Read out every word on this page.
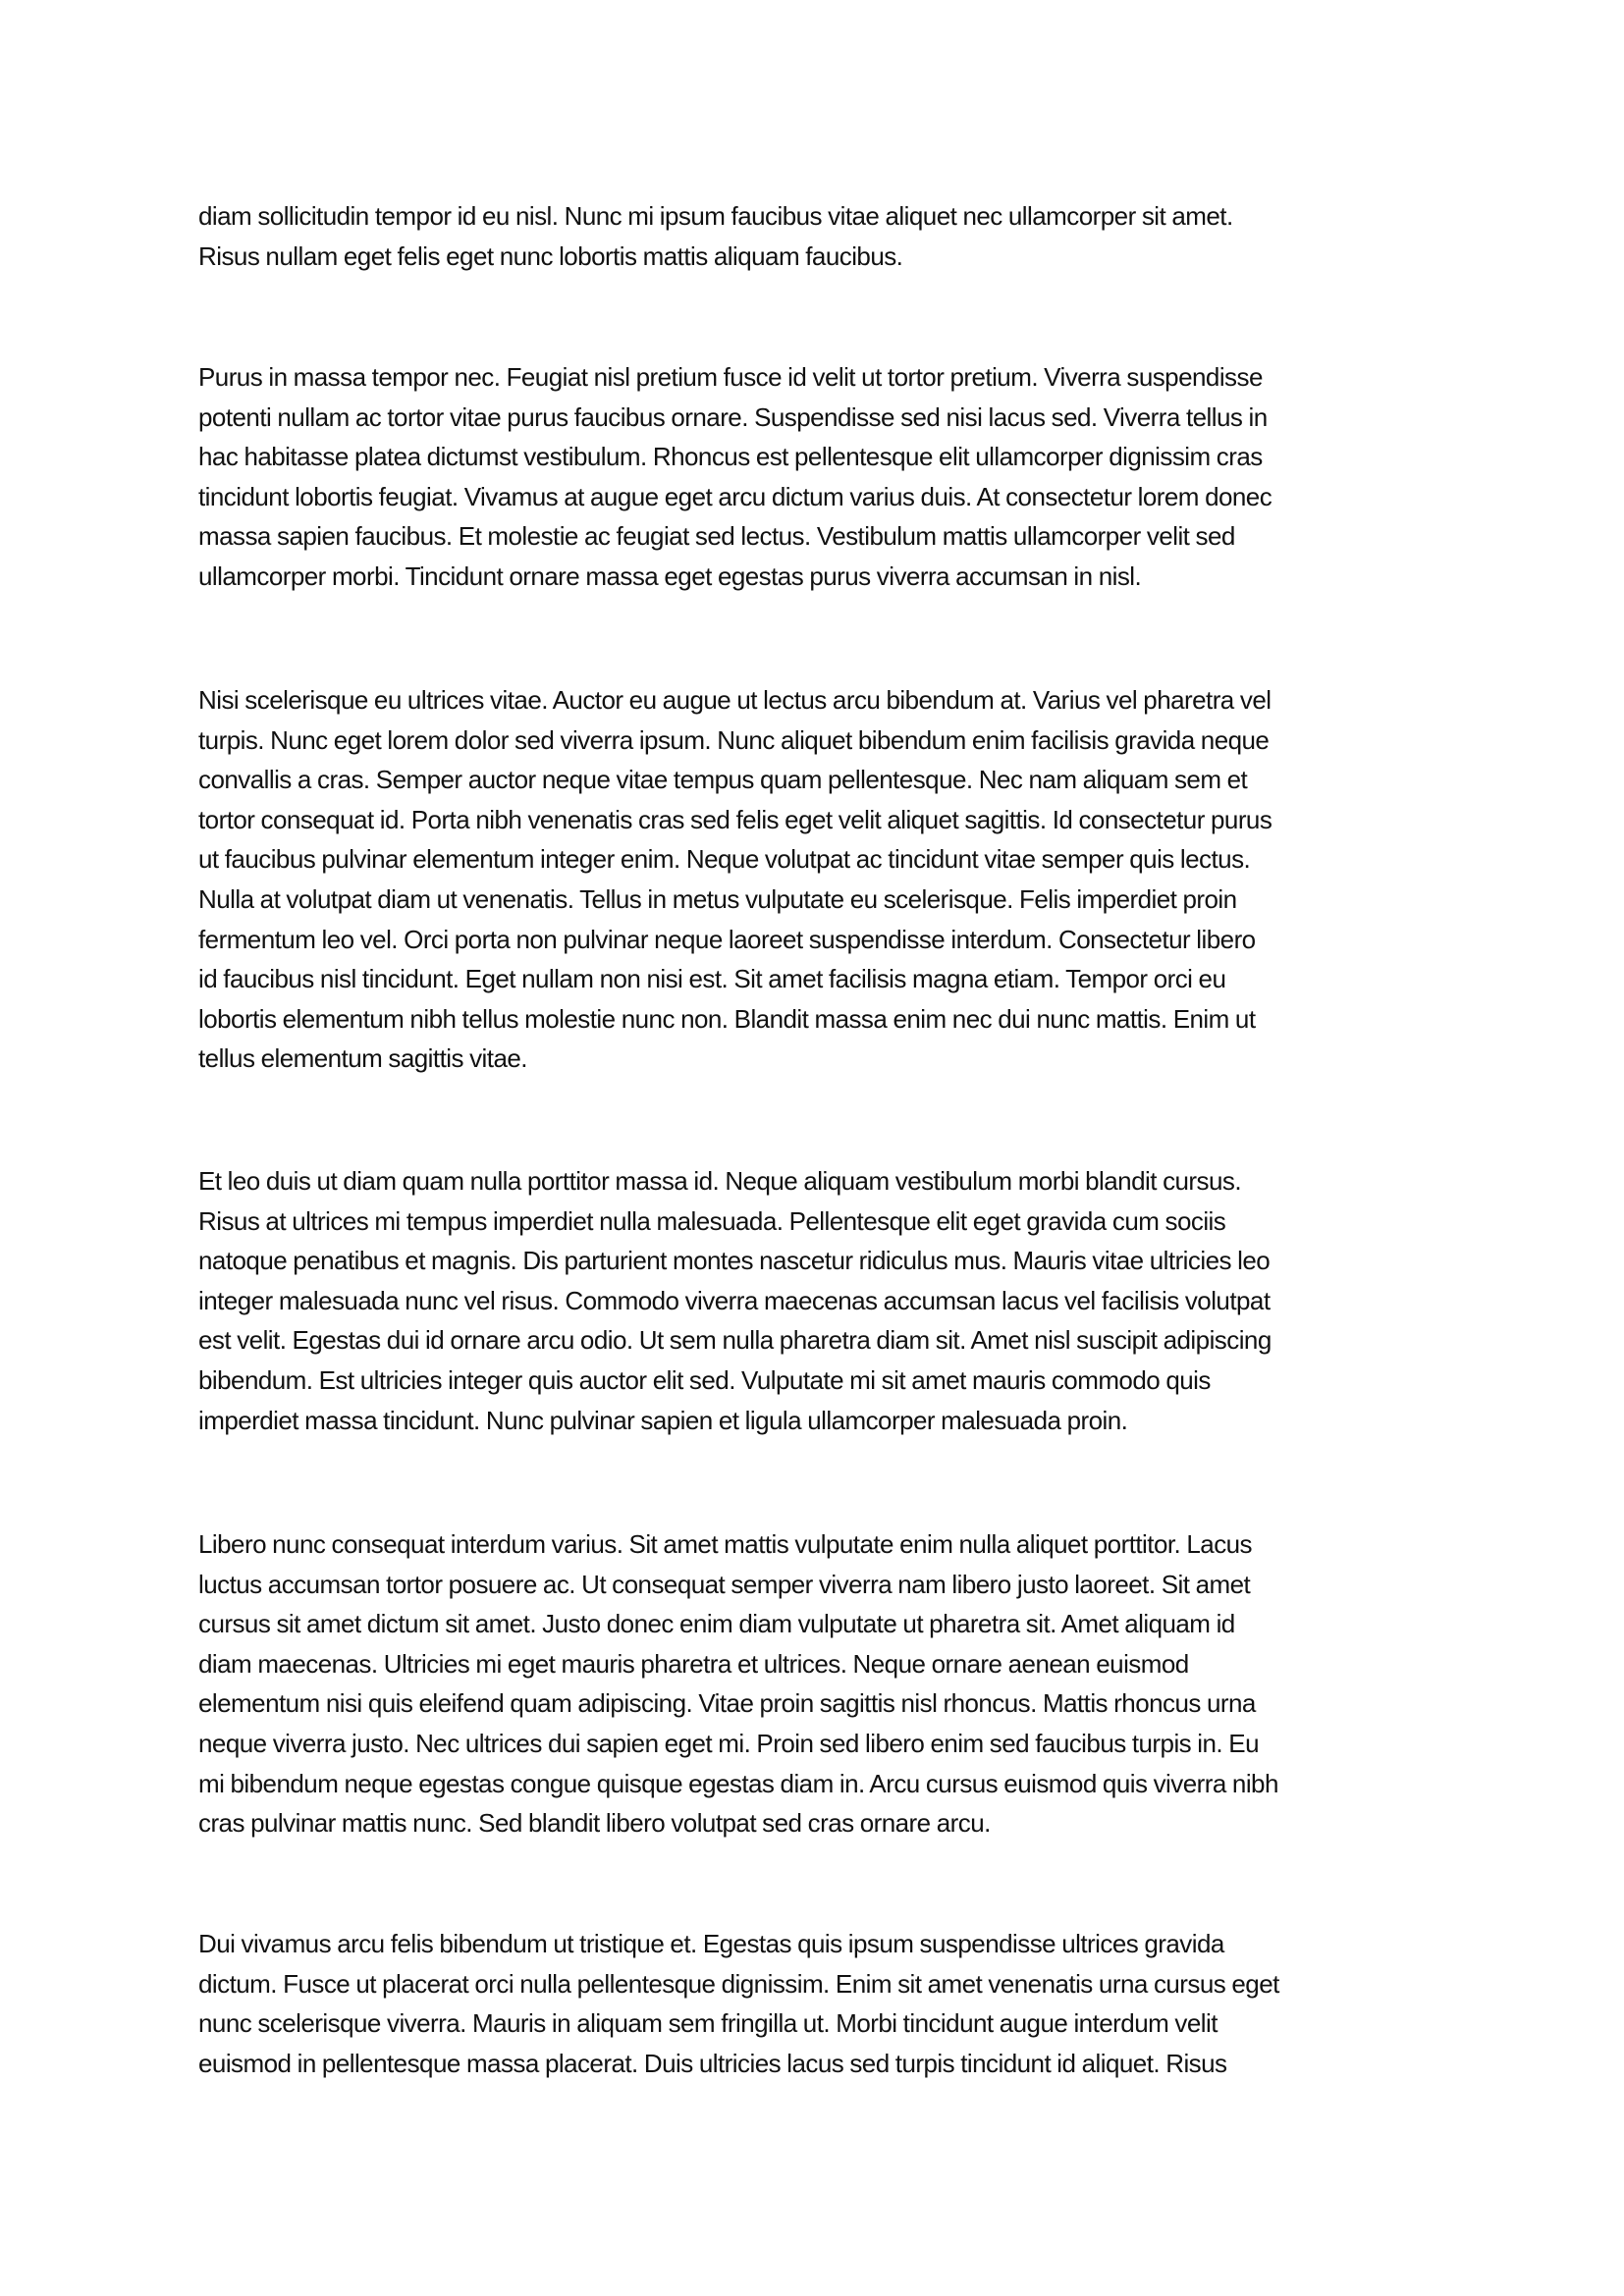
diam sollicitudin tempor id eu nisl. Nunc mi ipsum faucibus vitae aliquet nec ullamcorper sit amet.
Risus nullam eget felis eget nunc lobortis mattis aliquam faucibus.
Purus in massa tempor nec. Feugiat nisl pretium fusce id velit ut tortor pretium. Viverra suspendisse
potenti nullam ac tortor vitae purus faucibus ornare. Suspendisse sed nisi lacus sed. Viverra tellus in
hac habitasse platea dictumst vestibulum. Rhoncus est pellentesque elit ullamcorper dignissim cras
tincidunt lobortis feugiat. Vivamus at augue eget arcu dictum varius duis. At consectetur lorem donec
massa sapien faucibus. Et molestie ac feugiat sed lectus. Vestibulum mattis ullamcorper velit sed
ullamcorper morbi. Tincidunt ornare massa eget egestas purus viverra accumsan in nisl.
Nisi scelerisque eu ultrices vitae. Auctor eu augue ut lectus arcu bibendum at. Varius vel pharetra vel
turpis. Nunc eget lorem dolor sed viverra ipsum. Nunc aliquet bibendum enim facilisis gravida neque
convallis a cras. Semper auctor neque vitae tempus quam pellentesque. Nec nam aliquam sem et
tortor consequat id. Porta nibh venenatis cras sed felis eget velit aliquet sagittis. Id consectetur purus
ut faucibus pulvinar elementum integer enim. Neque volutpat ac tincidunt vitae semper quis lectus.
Nulla at volutpat diam ut venenatis. Tellus in metus vulputate eu scelerisque. Felis imperdiet proin
fermentum leo vel. Orci porta non pulvinar neque laoreet suspendisse interdum. Consectetur libero
id faucibus nisl tincidunt. Eget nullam non nisi est. Sit amet facilisis magna etiam. Tempor orci eu
lobortis elementum nibh tellus molestie nunc non. Blandit massa enim nec dui nunc mattis. Enim ut
tellus elementum sagittis vitae.
Et leo duis ut diam quam nulla porttitor massa id. Neque aliquam vestibulum morbi blandit cursus.
Risus at ultrices mi tempus imperdiet nulla malesuada. Pellentesque elit eget gravida cum sociis
natoque penatibus et magnis. Dis parturient montes nascetur ridiculus mus. Mauris vitae ultricies leo
integer malesuada nunc vel risus. Commodo viverra maecenas accumsan lacus vel facilisis volutpat
est velit. Egestas dui id ornare arcu odio. Ut sem nulla pharetra diam sit. Amet nisl suscipit adipiscing
bibendum. Est ultricies integer quis auctor elit sed. Vulputate mi sit amet mauris commodo quis
imperdiet massa tincidunt. Nunc pulvinar sapien et ligula ullamcorper malesuada proin.
Libero nunc consequat interdum varius. Sit amet mattis vulputate enim nulla aliquet porttitor. Lacus
luctus accumsan tortor posuere ac. Ut consequat semper viverra nam libero justo laoreet. Sit amet
cursus sit amet dictum sit amet. Justo donec enim diam vulputate ut pharetra sit. Amet aliquam id
diam maecenas. Ultricies mi eget mauris pharetra et ultrices. Neque ornare aenean euismod
elementum nisi quis eleifend quam adipiscing. Vitae proin sagittis nisl rhoncus. Mattis rhoncus urna
neque viverra justo. Nec ultrices dui sapien eget mi. Proin sed libero enim sed faucibus turpis in. Eu
mi bibendum neque egestas congue quisque egestas diam in. Arcu cursus euismod quis viverra nibh
cras pulvinar mattis nunc. Sed blandit libero volutpat sed cras ornare arcu.
Dui vivamus arcu felis bibendum ut tristique et. Egestas quis ipsum suspendisse ultrices gravida
dictum. Fusce ut placerat orci nulla pellentesque dignissim. Enim sit amet venenatis urna cursus eget
nunc scelerisque viverra. Mauris in aliquam sem fringilla ut. Morbi tincidunt augue interdum velit
euismod in pellentesque massa placerat. Duis ultricies lacus sed turpis tincidunt id aliquet. Risus
